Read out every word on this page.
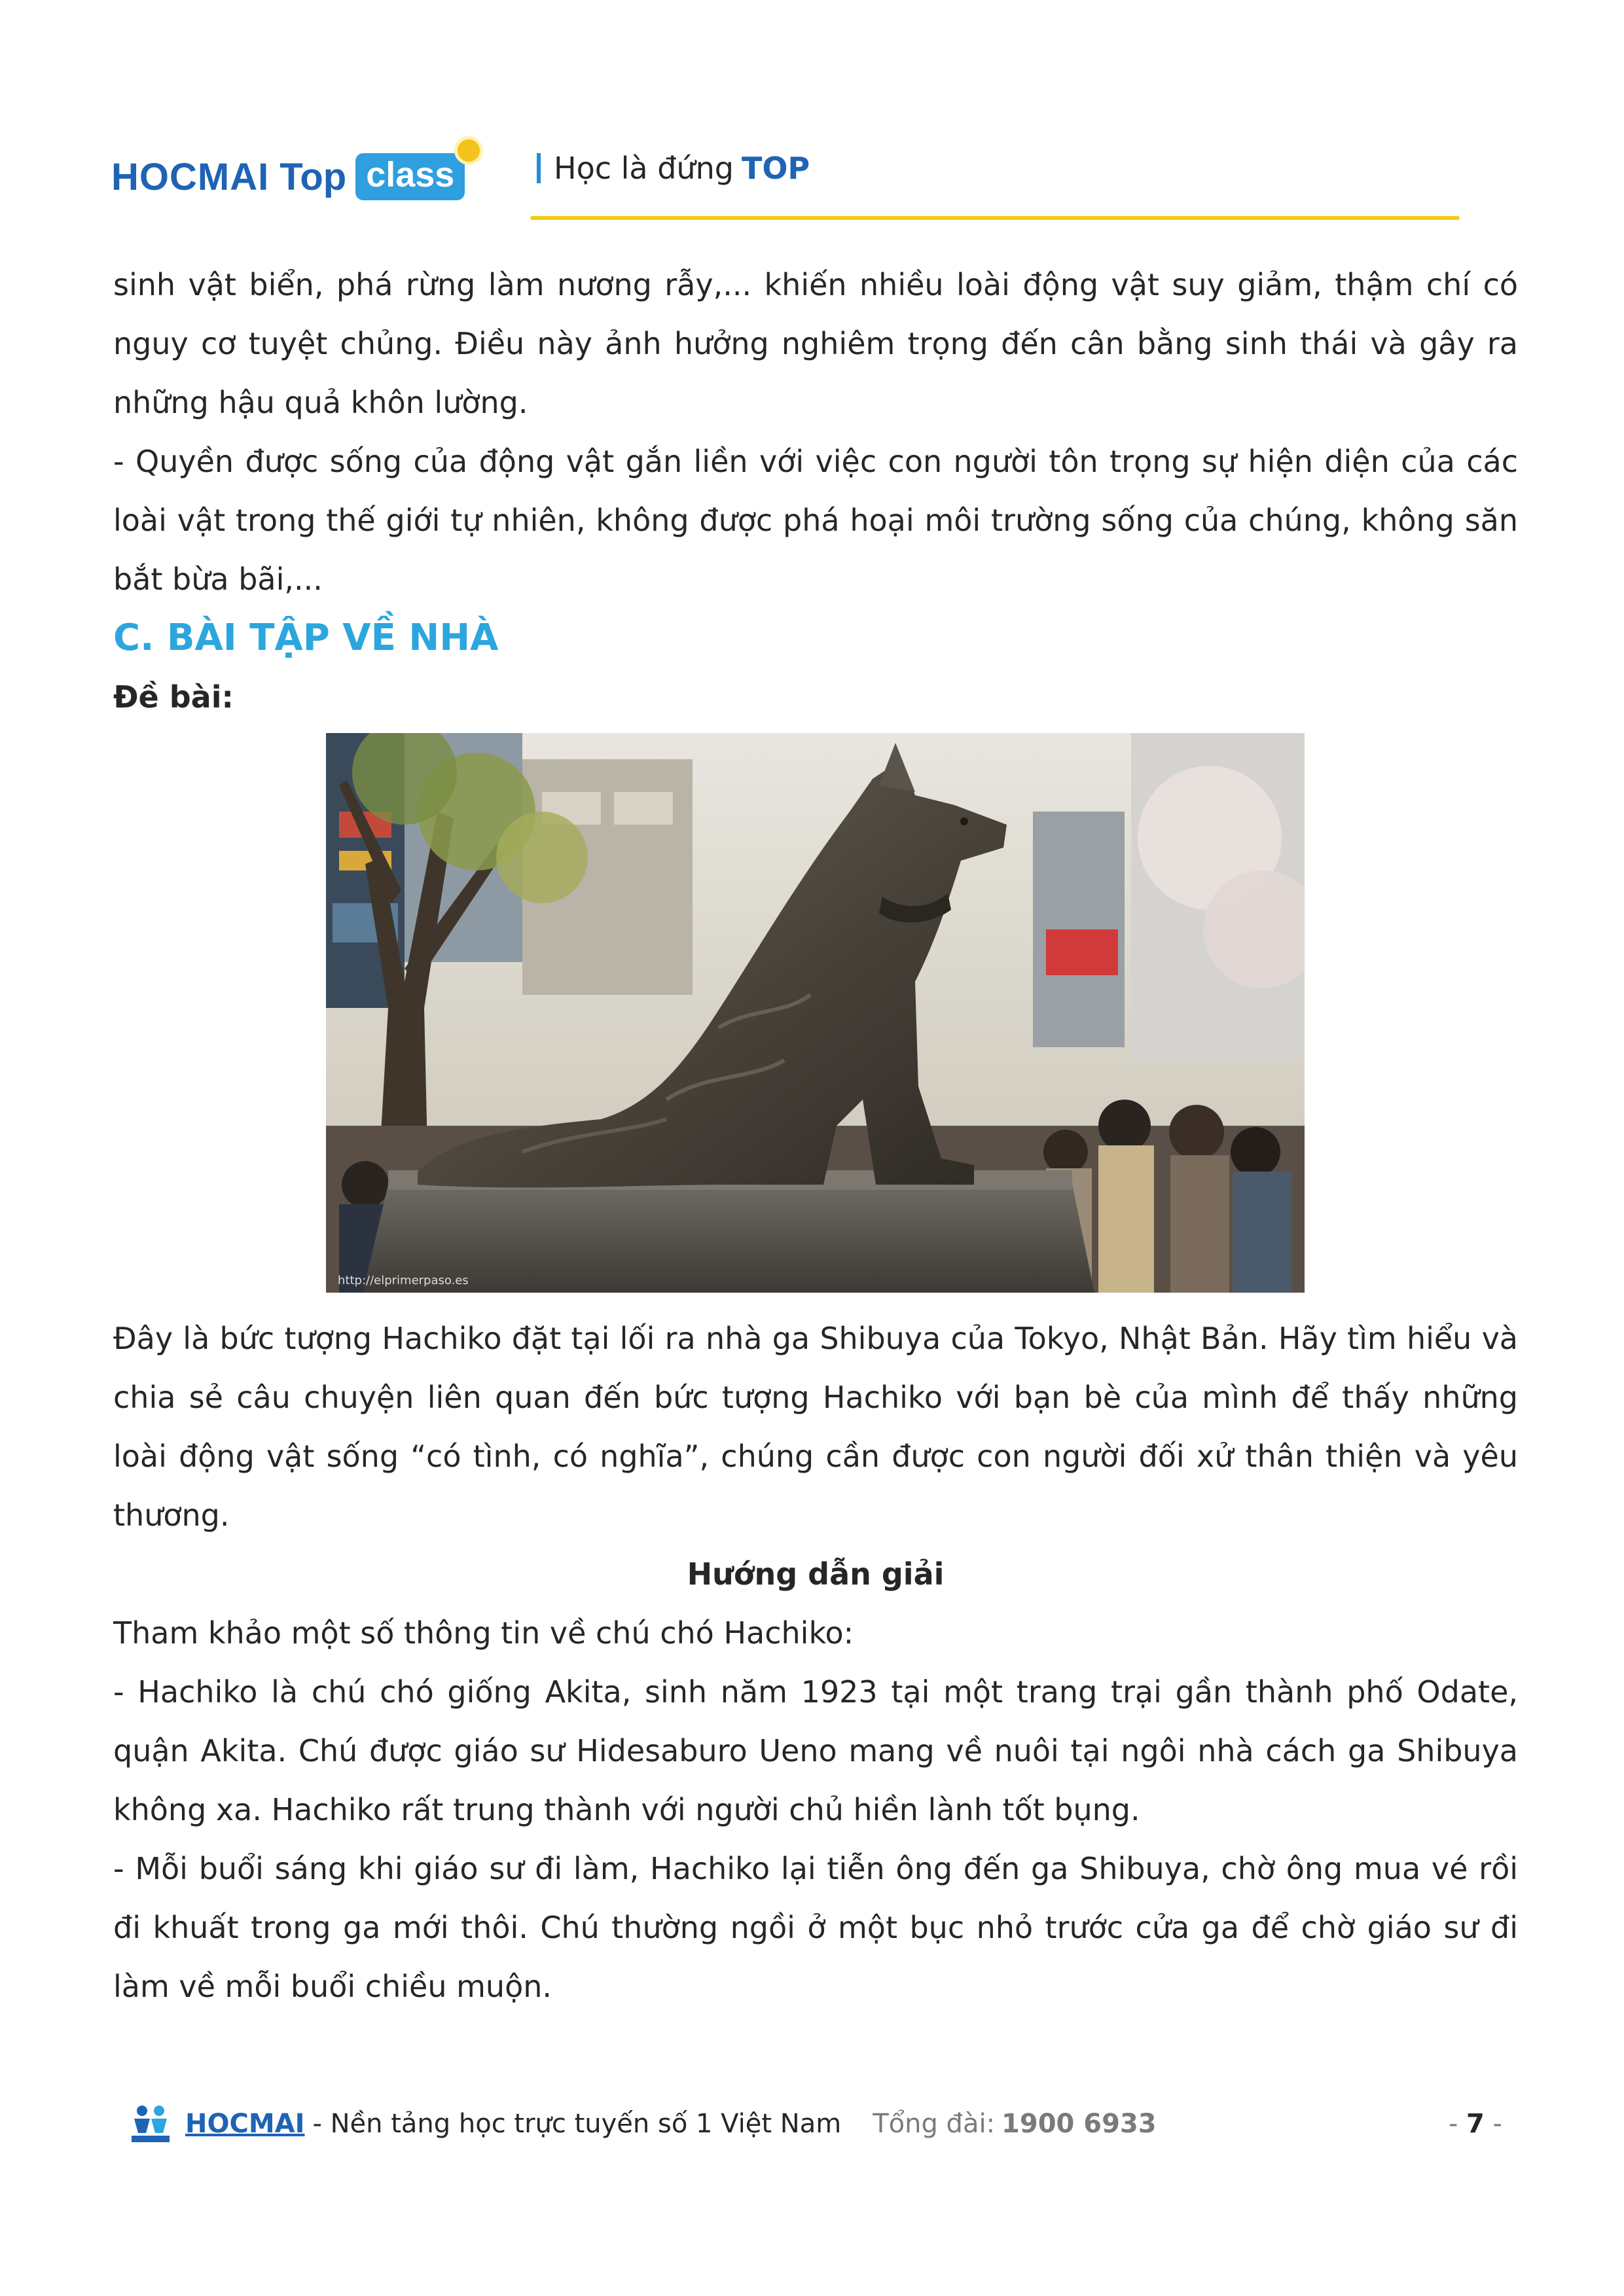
HOCMAI Top class	Học là đứng TOP

sinh vật biển, phá rừng làm nương rẫy,... khiến nhiều loài động vật suy giảm, thậm chí có nguy cơ tuyệt chủng. Điều này ảnh hưởng nghiêm trọng đến cân bằng sinh thái và gây ra những hậu quả khôn lường.

- Quyền được sống của động vật gắn liền với việc con người tôn trọng sự hiện diện của các loài vật trong thế giới tự nhiên, không được phá hoại môi trường sống của chúng, không săn bắt bừa bãi,...

C. BÀI TẬP VỀ NHÀ

Đề bài:

http://elprimerpaso.es

Đây là bức tượng Hachiko đặt tại lối ra nhà ga Shibuya của Tokyo, Nhật Bản. Hãy tìm hiểu và chia sẻ câu chuyện liên quan đến bức tượng Hachiko với bạn bè của mình để thấy những loài động vật sống “có tình, có nghĩa”, chúng cần được con người đối xử thân thiện và yêu thương.

Hướng dẫn giải

Tham khảo một số thông tin về chú chó Hachiko:

- Hachiko là chú chó giống Akita, sinh năm 1923 tại một trang trại gần thành phố Odate, quận Akita. Chú được giáo sư Hidesaburo Ueno mang về nuôi tại ngôi nhà cách ga Shibuya không xa. Hachiko rất trung thành với người chủ hiền lành tốt bụng.

- Mỗi buổi sáng khi giáo sư đi làm, Hachiko lại tiễn ông đến ga Shibuya, chờ ông mua vé rồi đi khuất trong ga mới thôi. Chú thường ngồi ở một bục nhỏ trước cửa ga để chờ giáo sư đi làm về mỗi buổi chiều muộn.

HOCMAI - Nền tảng học trực tuyến số 1 Việt Nam Tổng đài: 1900 6933	- 7 -
